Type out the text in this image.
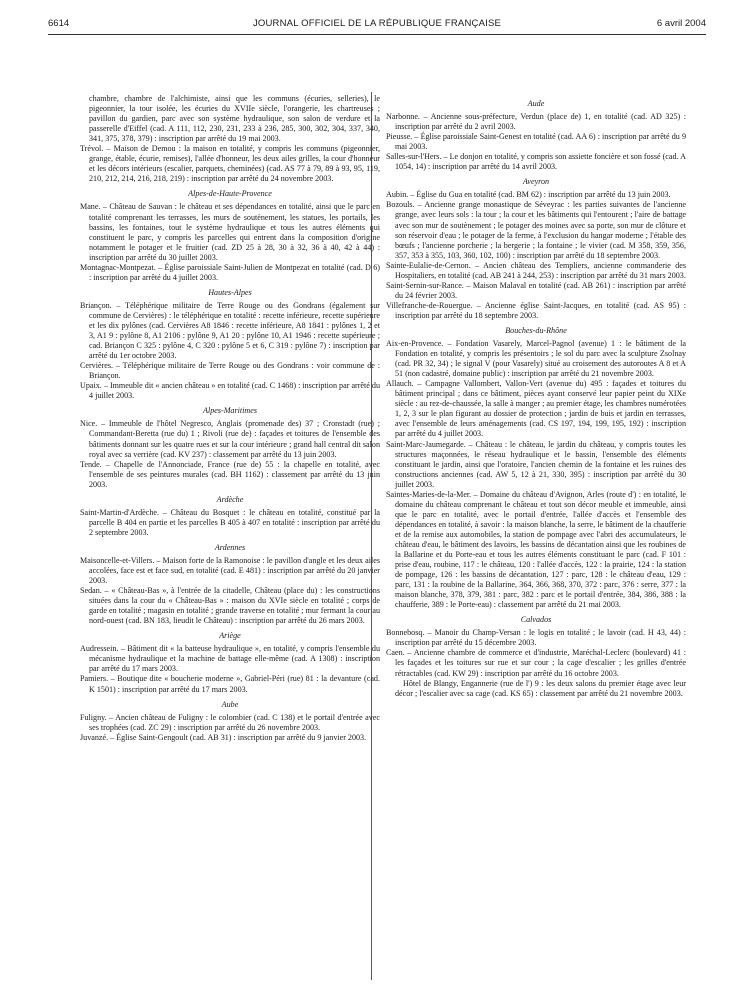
6614	JOURNAL OFFICIEL DE LA RÉPUBLIQUE FRANÇAISE	6 avril 2004

chambre, chambre de l'alchimiste, ainsi que les communs (écuries, selleries), le pigeonnier, la tour isolée, les écuries du XVIIe siècle, l'orangerie, les chartreuses ; pavillon du gardien, parc avec son système hydraulique, son salon de verdure et la passerelle d'Eiffel (cad. A 111, 112, 230, 231, 233 à 236, 285, 300, 302, 304, 337, 340, 341, 375, 378, 379) : inscription par arrêté du 19 mai 2003.

Trévol. – Maison de Demou : la maison en totalité, y compris les communs (pigeonnier, grange, étable, écurie, remises), l'allée d'honneur, les deux ailes grilles, la cour d'honneur et les décors intérieurs (escalier, parquets, cheminées) (cad. AS 77 à 79, 89 à 93, 95, 119, 210, 212, 214, 216, 218, 219) : inscription par arrêté du 24 novembre 2003.

Alpes-de-Haute-Provence

Mane. – Château de Sauvan : le château et ses dépendances en totalité, ainsi que le parc en totalité comprenant les terrasses, les murs de soutènement, les statues, les portails, les bassins, les fontaines, tout le système hydraulique et tous les autres éléments qui constituent le parc, y compris les parcelles qui entrent dans la composition d'origine notamment le potager et le fruitier (cad. ZD 25 à 28, 30 à 32, 36 à 40, 42 à 44) : inscription par arrêté du 30 juillet 2003.

Montagnac-Montpezat. – Église paroissiale Saint-Julien de Montpezat en totalité (cad. D 6) : inscription par arrêté du 4 juillet 2003.

Hautes-Alpes

Briançon. – Téléphérique militaire de Terre Rouge ou des Gondrans (également sur commune de Cervières) : le téléphérique en totalité : recette inférieure, recette supérieure et les dix pylônes (cad. Cervières A8 1846 : recette inférieure, A8 1841 : pylônes 1, 2 et 3, A1 9 : pylône 8, A1 2106 : pylône 9, A1 20 : pylône 10, A1 1946 : recette supérieure ; cad. Briançon C 325 : pylône 4, C 320 : pylône 5 et 6, C 319 : pylône 7) : inscription par arrêté du 1er octobre 2003.

Cervières. – Téléphérique militaire de Terre Rouge ou des Gondrans : voir commune de : Briançon.

Upaix. – Immeuble dit « ancien château » en totalité (cad. C 1468) : inscription par arrêté du 4 juillet 2003.

Alpes-Maritimes

Nice. – Immeuble de l'hôtel Negresco, Anglais (promenade des) 37 ; Cronstadt (rue) ; Commandant-Beretta (rue du) 1 ; Rivoli (rue de) : façades et toitures de l'ensemble des bâtiments donnant sur les quatre rues et sur la cour intérieure ; grand hall central dit salon royal avec sa verrière (cad. KV 237) : classement par arrêté du 13 juin 2003.

Tende. – Chapelle de l'Annonciade, France (rue de) 55 : la chapelle en totalité, avec l'ensemble de ses peintures murales (cad. BH 1162) : classement par arrêté du 13 juin 2003.

Ardèche

Saint-Martin-d'Ardèche. – Château du Bosquet : le château en totalité, constitué par la parcelle B 404 en partie et les parcelles B 405 à 407 en totalité : inscription par arrêté du 2 septembre 2003.

Ardennes

Maisoncelle-et-Villers. – Maison forte de la Ramonoise : le pavillon d'angle et les deux ailes accolées, face est et face sud, en totalité (cad. E 481) : inscription par arrêté du 20 janvier 2003.

Sedan. – « Château-Bas », à l'entrée de la citadelle, Château (place du) : les constructions situées dans la cour du « Château-Bas » : maison du XVIe siècle en totalité ; corps de garde en totalité ; magasin en totalité ; grande traverse en totalité ; mur fermant la cour au nord-ouest (cad. BN 183, lieudit le Château) : inscription par arrêté du 26 mars 2003.

Ariège

Audressein. – Bâtiment dit « la batteuse hydraulique », en totalité, y compris l'ensemble du mécanisme hydraulique et la machine de battage elle-même (cad. A 1308) : inscription par arrêté du 17 mars 2003.

Pamiers. – Boutique dite « boucherie moderne », Gabriel-Péri (rue) 81 : la devanture (cad. K 1501) : inscription par arrêté du 17 mars 2003.

Aube

Fuligny. – Ancien château de Fuligny : le colombier (cad. C 138) et le portail d'entrée avec ses trophées (cad. ZC 29) : inscription par arrêté du 26 novembre 2003.

Juvanzé. – Église Saint-Gengoult (cad. AB 31) : inscription par arrêté du 9 janvier 2003.

Aude

Narbonne. – Ancienne sous-préfecture, Verdun (place de) 1, en totalité (cad. AD 325) : inscription par arrêté du 2 avril 2003.

Pieusse. – Église paroissiale Saint-Genest en totalité (cad. AA 6) : inscription par arrêté du 9 mai 2003.

Salles-sur-l'Hers. – Le donjon en totalité, y compris son assiette foncière et son fossé (cad. A 1054, 14) : inscription par arrêté du 14 avril 2003.

Aveyron

Aubin. – Église du Gua en totalité (cad. BM 62) : inscription par arrêté du 13 juin 2003.

Bozouls. – Ancienne grange monastique de Séveyrac : les parties suivantes de l'ancienne grange, avec leurs sols : la tour ; la cour et les bâtiments qui l'entourent ; l'aire de battage avec son mur de soutènement ; le potager des moines avec sa porte, son mur de clôture et son réservoir d'eau ; le potager de la ferme, à l'exclusion du hangar moderne ; l'étable des bœufs ; l'ancienne porcherie ; la bergerie ; la fontaine ; le vivier (cad. M 358, 359, 356, 357, 353 à 355, 103, 360, 102, 100) : inscription par arrêté du 18 septembre 2003.

Sainte-Eulalie-de-Cernon. – Ancien château des Templiers, ancienne commanderie des Hospitaliers, en totalité (cad. AB 241 à 244, 253) : inscription par arrêté du 31 mars 2003.

Saint-Sernin-sur-Rance. – Maison Malaval en totalité (cad. AB 261) : inscription par arrêté du 24 février 2003.

Villefranche-de-Rouergue. – Ancienne église Saint-Jacques, en totalité (cad. AS 95) : inscription par arrêté du 18 septembre 2003.

Bouches-du-Rhône

Aix-en-Provence. – Fondation Vasarely, Marcel-Pagnol (avenue) 1 : le bâtiment de la Fondation en totalité, y compris les présentoirs ; le sol du parc avec la sculpture Zsolnay (cad. PR 32, 34) ; le signal V (pour Vasarely) situé au croisement des autoroutes A 8 et A 51 (non cadastré, domaine public) : inscription par arrêté du 21 novembre 2003.

Allauch. – Campagne Vallombert, Vallon-Vert (avenue du) 495 : façades et toitures du bâtiment principal ; dans ce bâtiment, pièces ayant conservé leur papier peint du XIXe siècle : au rez-de-chaussée, la salle à manger ; au premier étage, les chambres numérotées 1, 2, 3 sur le plan figurant au dossier de protection ; jardin de buis et jardin en terrasses, avec l'ensemble de leurs aménagements (cad. CS 197, 194, 199, 195, 192) : inscription par arrêté du 4 juillet 2003.

Saint-Marc-Jaumegarde. – Château : le château, le jardin du château, y compris toutes les structures maçonnées, le réseau hydraulique et le bassin, l'ensemble des éléments constituant le jardin, ainsi que l'oratoire, l'ancien chemin de la fontaine et les ruines des constructions anciennes (cad. AW 5, 12 à 21, 330, 395) : inscription par arrêté du 30 juillet 2003.

Saintes-Maries-de-la-Mer. – Domaine du château d'Avignon, Arles (route d') : en totalité, le domaine du château comprenant le château et tout son décor meuble et immeuble, ainsi que le parc en totalité, avec le portail d'entrée, l'allée d'accès et l'ensemble des dépendances en totalité, à savoir : la maison blanche, la serre, le bâtiment de la chaufferie et de la remise aux automobiles, la station de pompage avec l'abri des accumulateurs, le château d'eau, le bâtiment des lavoirs, les bassins de décantation ainsi que les roubines de la Ballarine et du Porte-eau et tous les autres éléments constituant le parc (cad. F 101 : prise d'eau, roubine, 117 : le château, 120 : l'allée d'accès, 122 : la prairie, 124 : la station de pompage, 126 : les bassins de décantation, 127 : parc, 128 : le château d'eau, 129 : parc, 131 : la roubine de la Ballarine, 364, 366, 368, 370, 372 : parc, 376 : serre, 377 : la maison blanche, 378, 379, 381 : parc, 382 : parc et le portail d'entrée, 384, 386, 388 : la chaufferie, 389 : le Porte-eau) : classement par arrêté du 21 mai 2003.

Calvados

Bonnebosq. – Manoir du Champ-Versan : le logis en totalité ; le lavoir (cad. H 43, 44) : inscription par arrêté du 15 décembre 2003.

Caen. – Ancienne chambre de commerce et d'industrie, Maréchal-Leclerc (boulevard) 41 : les façades et les toitures sur rue et sur cour ; la cage d'escalier ; les grilles d'entrée rétractables (cad. KW 29) : inscription par arrêté du 16 octobre 2003.

Hôtel de Blangy, Engannerie (rue de l') 9 : les deux salons du premier étage avec leur décor ; l'escalier avec sa cage (cad. KS 65) : classement par arrêté du 21 novembre 2003.
